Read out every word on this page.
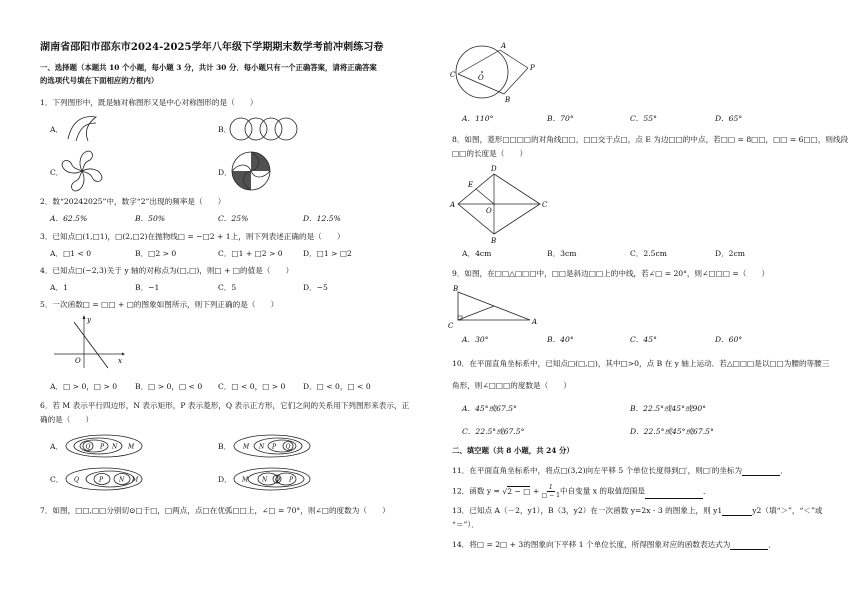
湖南省邵阳市邵东市2024-2025学年八年级下学期期末数学考前冲刺练习卷
一、选择题（本题共 10 个小题，每小题 3 分，共计 30 分．每小题只有一个正确答案，请将正确答案
的选项代号填在下面相应的方框内）
1．下列图形中，既是轴对称图形又是中心对称图形的是（　　）
A．	B．
C．	D．
2．数“20242025”中，数字“2”出现的频率是（　　）
A．62.5%	B．50%	C．25%	D．12.5%
3．已知点□(1,□1)，□(2,□2)在抛物线□ = −□2 + 1上，则下列表述正确的是（　　）
A．□1 < 0	B．□2 > 0	C．□1 + □2 > 0	D．□1 > □2
4．已知点□(−2,3)关于 y 轴的对称点为(□,□)，则□ + □的值是（　　）
A．1	B．−1	C．5	D．−5
5．一次函数□ = □□ + □的图象如图所示，则下列正确的是（　　）
x
y
O
A．□ > 0，□ > 0 B．□ > 0，□ < 0 C．□ < 0，□ > 0 D．□ < 0，□ < 0
6．若 M 表示平行四边形，N 表示矩形，P 表示菱形，Q 表示正方形，它们之间的关系用下列图形来表示，正
确的是（　　）
A．	Q P N M	B． M N P Q
C． Q	P	N M	D． M N Q P
7．如图，□□,□□分别切⊙□于□，□两点，点□在优弧□□上，∠□ = 70°，则∠□的度数为（　　）
A
B
C
P
O
A．110°	B．70°	C．55°	D．65°
8．如图，菱形□□□□的对角线□□，□□交于点□，点 E 为边□□的中点，若□□ = 8□□，□□ = 6□□，则线段
□□的长度是（　　）
A
B
C
D
E
O
A．4cm	B．3cm	C．2.5cm	D．2cm
9．如图，在□□△□□□中，□□是斜边□□上的中线，若∠□ = 20°，则∠□□□ =（　　）
B
C	A
A．30°	B．40°	C．45°	D．60°
10．在平面直角坐标系中，已知点□(□,□)，其中□>0，点 B 在 y 轴上运动．若△□□□是以□□为腰的等腰三
角形，则∠□□□的度数是（　　）
A．45°或67.5°	B．22.5°或45°或90°
C．22.5°或67.5°	D．22.5°或45°或67.5°
二、填空题（共 8 小题，共 24 分）
11．在平面直角坐标系中，将点□(3,2)向左平移 5 个单位长度得到□′，则□′的坐标为	．
12．函数 y = √2 − □ + $\frac{1}{□ - 1}$ 中自变量 x 的取值范围是	．
13．已知点 A（－2，y1），B（3，y2）在一次函数 y=2x - 3 的图象上，则 y1	y2（填“＞”，“＜”或
“＝”）．
14．将□ = 2□ + 3的图象向下平移 1 个单位长度，所得图象对应的函数表达式为	．
